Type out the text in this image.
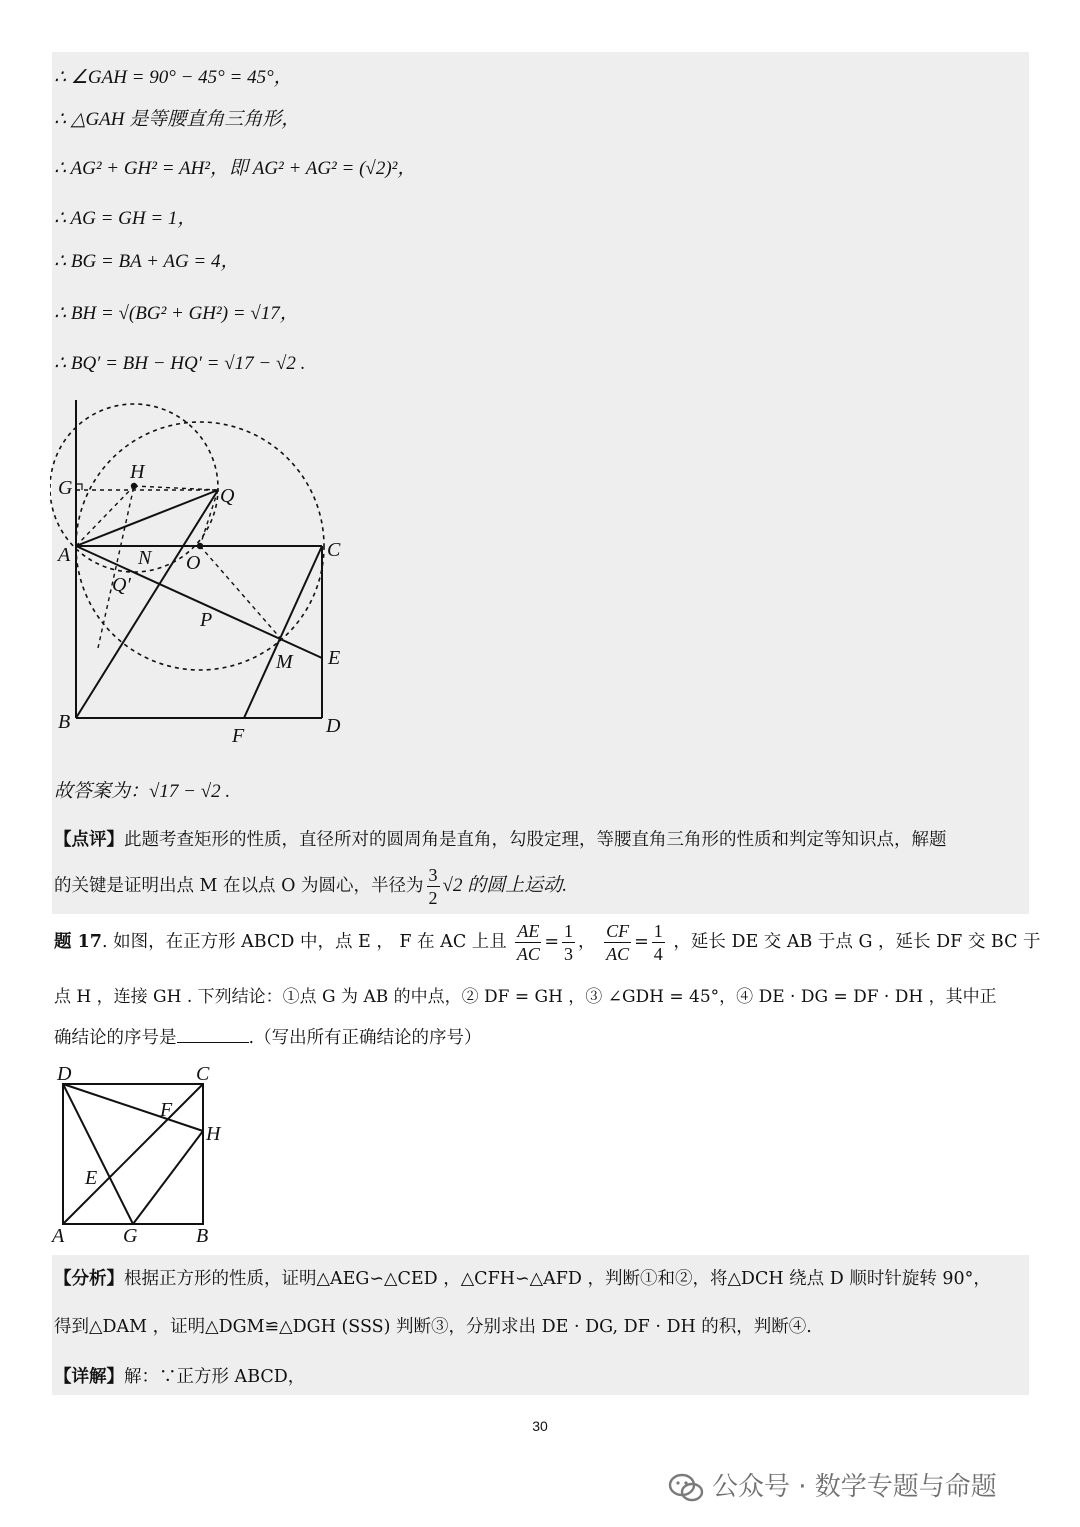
∴ ∠GAH = 90° − 45° = 45°，
∴ △GAH 是等腰直角三角形，
∴ AG² + GH² = AH²，即 AG² + AG² = (√2)²，
∴ AG = GH = 1，
∴ BG = BA + AG = 4，
∴ BH = √(BG² + GH²) = √17，
∴ BQ′ = BH − HQ′ = √17 − √2 .
G
H
Q
A	N O
C
Q′
P
M E
B
F	D
故答案为：√17 − √2 .
【点评】此题考查矩形的性质，直径所对的圆周角是直角，勾股定理，等腰直角三角形的性质和判定等知识点，解题
的关键是证明出点 M 在以点 O 为圆心，半径为 $\frac{3}{2} √2$ 的圆上运动.
题 17. 如图，在正方形 ABCD 中，点 E ， F 在 AC 上且 $\frac{AE}{AC} = \frac{1}{3}$ ， $\frac{CF}{AC} = \frac{1}{4}$ ，延长 DE 交 AB 于点 G ，延长 DF 交 BC 于
点 H ，连接 GH . 下列结论：①点 G 为 AB 的中点，② DF = GH ，③ ∠GDH = 45°，④ DE · DG = DF · DH ，其中正
确结论的序号是	.（写出所有正确结论的序号）
D	C
F
H
E
A	G	B
【分析】根据正方形的性质，证明△AEG∽△CED ，△CFH∽△AFD ，判断①和②，将△DCH 绕点 D 顺时针旋转 90°，
得到△DAM ，证明△DGM≌△DGH (SSS) 判断③，分别求出 DE · DG, DF · DH 的积，判断④.
【详解】解：∵正方形 ABCD，
30
公众号 · 数学专题与命题
